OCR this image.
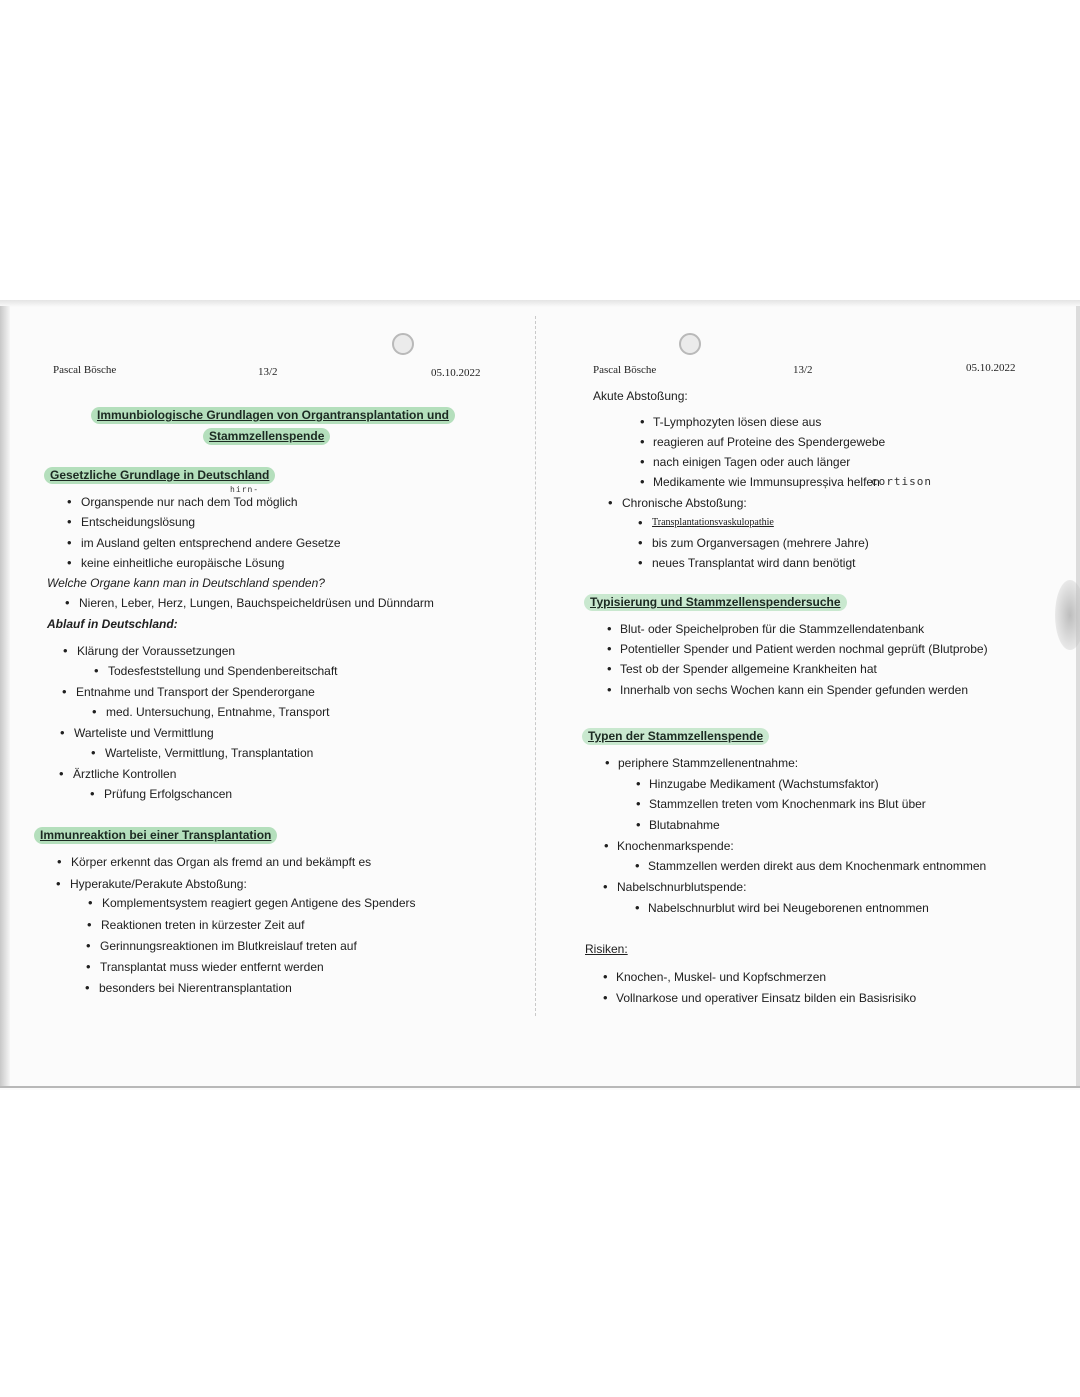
Pascal Bösche	13/2	05.10.2022
Immunbiologische Grundlagen von Organtransplantation und
Stammzellenspende
Gesetzliche Grundlage in Deutschland
hirn-
• Organspende nur nach dem Tod möglich
• Entscheidungslösung
• im Ausland gelten entsprechend andere Gesetze
• keine einheitliche europäische Lösung
Welche Organe kann man in Deutschland spenden?
• Nieren, Leber, Herz, Lungen, Bauchspeicheldrüsen und Dünndarm
Ablauf in Deutschland:
• Klärung der Voraussetzungen
• Todesfeststellung und Spendenbereitschaft
• Entnahme und Transport der Spenderorgane
• med. Untersuchung, Entnahme, Transport
• Warteliste und Vermittlung
• Warteliste, Vermittlung, Transplantation
• Ärztliche Kontrollen
• Prüfung Erfolgschancen
Immunreaktion bei einer Transplantation
• Körper erkennt das Organ als fremd an und bekämpft es
• Hyperakute/Perakute Abstoßung:
• Komplementsystem reagiert gegen Antigene des Spenders
• Reaktionen treten in kürzester Zeit auf
• Gerinnungsreaktionen im Blutkreislauf treten auf
• Transplantat muss wieder entfernt werden
• besonders bei Nierentransplantation
Pascal Bösche	13/2	05.10.2022
Akute Abstoßung:
• T-Lymphozyten lösen diese aus
• reagieren auf Proteine des Spendergewebe
• nach einigen Tagen oder auch länger
• Medikamente wie Immunsupresșiva helfen
cortison
• Chronische Abstoßung:
• Transplantationsvaskulopathie
• bis zum Organversagen (mehrere Jahre)
• neues Transplantat wird dann benötigt
Typisierung und Stammzellenspendersuche
• Blut- oder Speichelproben für die Stammzellendatenbank
• Potentieller Spender und Patient werden nochmal geprüft (Blutprobe)
• Test ob der Spender allgemeine Krankheiten hat
• Innerhalb von sechs Wochen kann ein Spender gefunden werden
Typen der Stammzellenspende
• periphere Stammzellenentnahme:
• Hinzugabe Medikament (Wachstumsfaktor)
• Stammzellen treten vom Knochenmark ins Blut über
• Blutabnahme
• Knochenmarkspende:
• Stammzellen werden direkt aus dem Knochenmark entnommen
• Nabelschnurblutspende:
• Nabelschnurblut wird bei Neugeborenen entnommen
Risiken:
• Knochen-, Muskel- und Kopfschmerzen
• Vollnarkose und operativer Einsatz bilden ein Basisrisiko
